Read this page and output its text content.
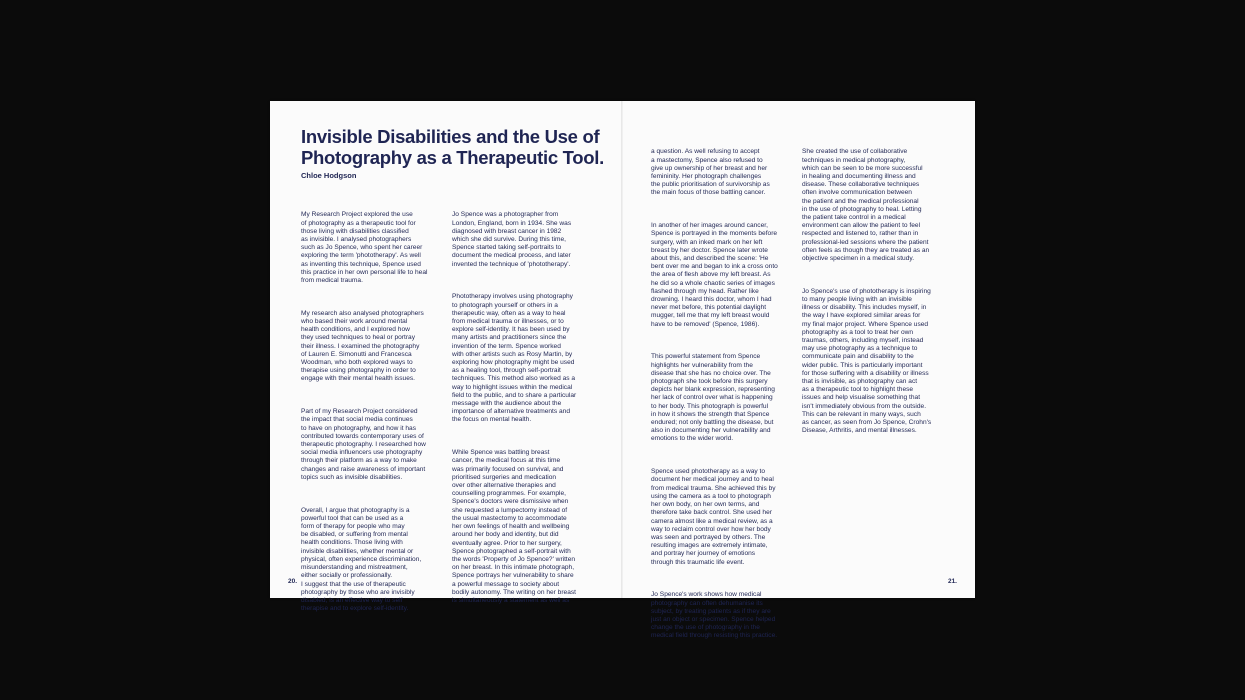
Invisible Disabilities and the Use of
Photography as a Therapeutic Tool.
Chloe Hodgson

My Research Project explored the use
of photography as a therapeutic tool for
those living with disabilities classified
as invisible. I analysed photographers
such as Jo Spence, who spent her career
exploring the term 'phototherapy'. As well
as inventing this technique, Spence used
this practice in her own personal life to heal
from medical trauma.

My research also analysed photographers
who based their work around mental
health conditions, and I explored how
they used techniques to heal or portray
their illness. I examined the photography
of Lauren E. Simonutti and Francesca
Woodman, who both explored ways to
therapise using photography in order to
engage with their mental health issues.

Part of my Research Project considered
the impact that social media continues
to have on photography, and how it has
contributed towards contemporary uses of
therapeutic photography. I researched how
social media influencers use photography
through their platform as a way to make
changes and raise awareness of important
topics such as invisible disabilities.

Overall, I argue that photography is a
powerful tool that can be used as a
form of therapy for people who may
be disabled, or suffering from mental
health conditions. Those living with
invisible disabilities, whether mental or
physical, often experience discrimination,
misunderstanding and mistreatment,
either socially or professionally.
I suggest that the use of therapeutic
photography by those who are invisibly
disabled, is an effective way to self
therapise and to explore self-identity.

Jo Spence was a photographer from
London, England, born in 1934. She was
diagnosed with breast cancer in 1982
which she did survive. During this time,
Spence started taking self-portraits to
document the medical process, and later
invented the technique of 'phototherapy'.

Phototherapy involves using photography
to photograph yourself or others in a
therapeutic way, often as a way to heal
from medical trauma or illnesses, or to
explore self-identity. It has been used by
many artists and practitioners since the
invention of the term. Spence worked
with other artists such as Rosy Martin, by
exploring how photography might be used
as a healing tool, through self-portrait
techniques. This method also worked as a
way to highlight issues within the medical
field to the public, and to share a particular
message with the audience about the
importance of alternative treatments and
the focus on mental health.

While Spence was battling breast
cancer, the medical focus at this time
was primarily focused on survival, and
prioritised surgeries and medication
over other alternative therapies and
counselling programmes. For example,
Spence's doctors were dismissive when
she requested a lumpectomy instead of
the usual mastectomy to accommodate
her own feelings of health and wellbeing
around her body and identity, but did
eventually agree. Prior to her surgery,
Spence photographed a self-portrait with
the words 'Property of Jo Spence?' written
on her breast. In this intimate photograph,
Spence portrays her vulnerability to share
a powerful message to society about
bodily autonomy. The writing on her breast
is simultaneously a statement as well as

a question. As well refusing to accept
a mastectomy, Spence also refused to
give up ownership of her breast and her
femininity. Her photograph challenges
the public prioritisation of survivorship as
the main focus of those battling cancer.

In another of her images around cancer,
Spence is portrayed in the moments before
surgery, with an inked mark on her left
breast by her doctor. Spence later wrote
about this, and described the scene: 'He
bent over me and began to ink a cross onto
the area of flesh above my left breast. As
he did so a whole chaotic series of images
flashed through my head. Rather like
drowning. I heard this doctor, whom I had
never met before, this potential daylight
mugger, tell me that my left breast would
have to be removed' (Spence, 1986).

This powerful statement from Spence
highlights her vulnerability from the
disease that she has no choice over. The
photograph she took before this surgery
depicts her blank expression, representing
her lack of control over what is happening
to her body. This photograph is powerful
in how it shows the strength that Spence
endured; not only battling the disease, but
also in documenting her vulnerability and
emotions to the wider world.

Spence used phototherapy as a way to
document her medical journey and to heal
from medical trauma. She achieved this by
using the camera as a tool to photograph
her own body, on her own terms, and
therefore take back control. She used her
camera almost like a medical review, as a
way to reclaim control over how her body
was seen and portrayed by others. The
resulting images are extremely intimate,
and portray her journey of emotions
through this traumatic life event.

Jo Spence's work shows how medical
photography can often dehumanise its
subject, by treating patients as if they are
just an object or specimen. Spence helped
change the use of photography in the
medical field through resisting this practice.

She created the use of collaborative
techniques in medical photography,
which can be seen to be more successful
in healing and documenting illness and
disease. These collaborative techniques
often involve communication between
the patient and the medical professional
in the use of photography to heal. Letting
the patient take control in a medical
environment can allow the patient to feel
respected and listened to, rather than in
professional-led sessions where the patient
often feels as though they are treated as an
objective specimen in a medical study.

Jo Spence's use of phototherapy is inspiring
to many people living with an invisible
illness or disability. This includes myself, in
the way I have explored similar areas for
my final major project. Where Spence used
photography as a tool to treat her own
traumas, others, including myself, instead
may use photography as a technique to
communicate pain and disability to the
wider public. This is particularly important
for those suffering with a disability or illness
that is invisible, as photography can act
as a therapeutic tool to highlight these
issues and help visualise something that
isn't immediately obvious from the outside.
This can be relevant in many ways, such
as cancer, as seen from Jo Spence, Crohn's
Disease, Arthritis, and mental illnesses.

20.	21.
